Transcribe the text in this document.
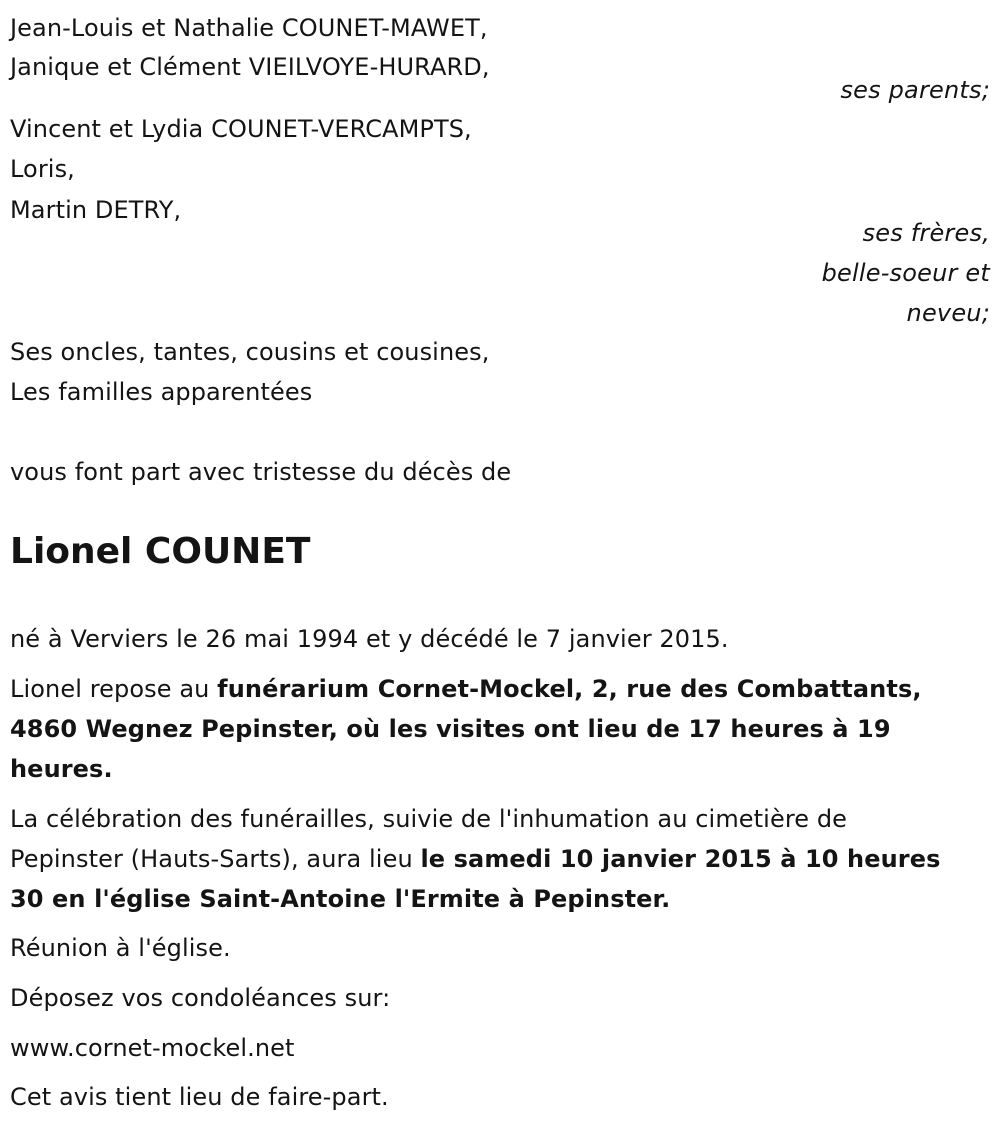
Jean-Louis et Nathalie COUNET-MAWET,
Janique et Clément VIEILVOYE-HURARD,
ses parents;
Vincent et Lydia COUNET-VERCAMPTS,
Loris,
Martin DETRY,
ses frères,
belle-soeur et
neveu;
Ses oncles, tantes, cousins et cousines,
Les familles apparentées
vous font part avec tristesse du décès de
Lionel COUNET
né à Verviers le 26 mai 1994 et y décédé le 7 janvier 2015.
Lionel repose au funérarium Cornet-Mockel, 2, rue des Combattants,
4860 Wegnez Pepinster, où les visites ont lieu de 17 heures à 19
heures.
La célébration des funérailles, suivie de l'inhumation au cimetière de
Pepinster (Hauts-Sarts), aura lieu le samedi 10 janvier 2015 à 10 heures
30 en l'église Saint-Antoine l'Ermite à Pepinster.
Réunion à l'église.
Déposez vos condoléances sur:
www.cornet-mockel.net
Cet avis tient lieu de faire-part.
